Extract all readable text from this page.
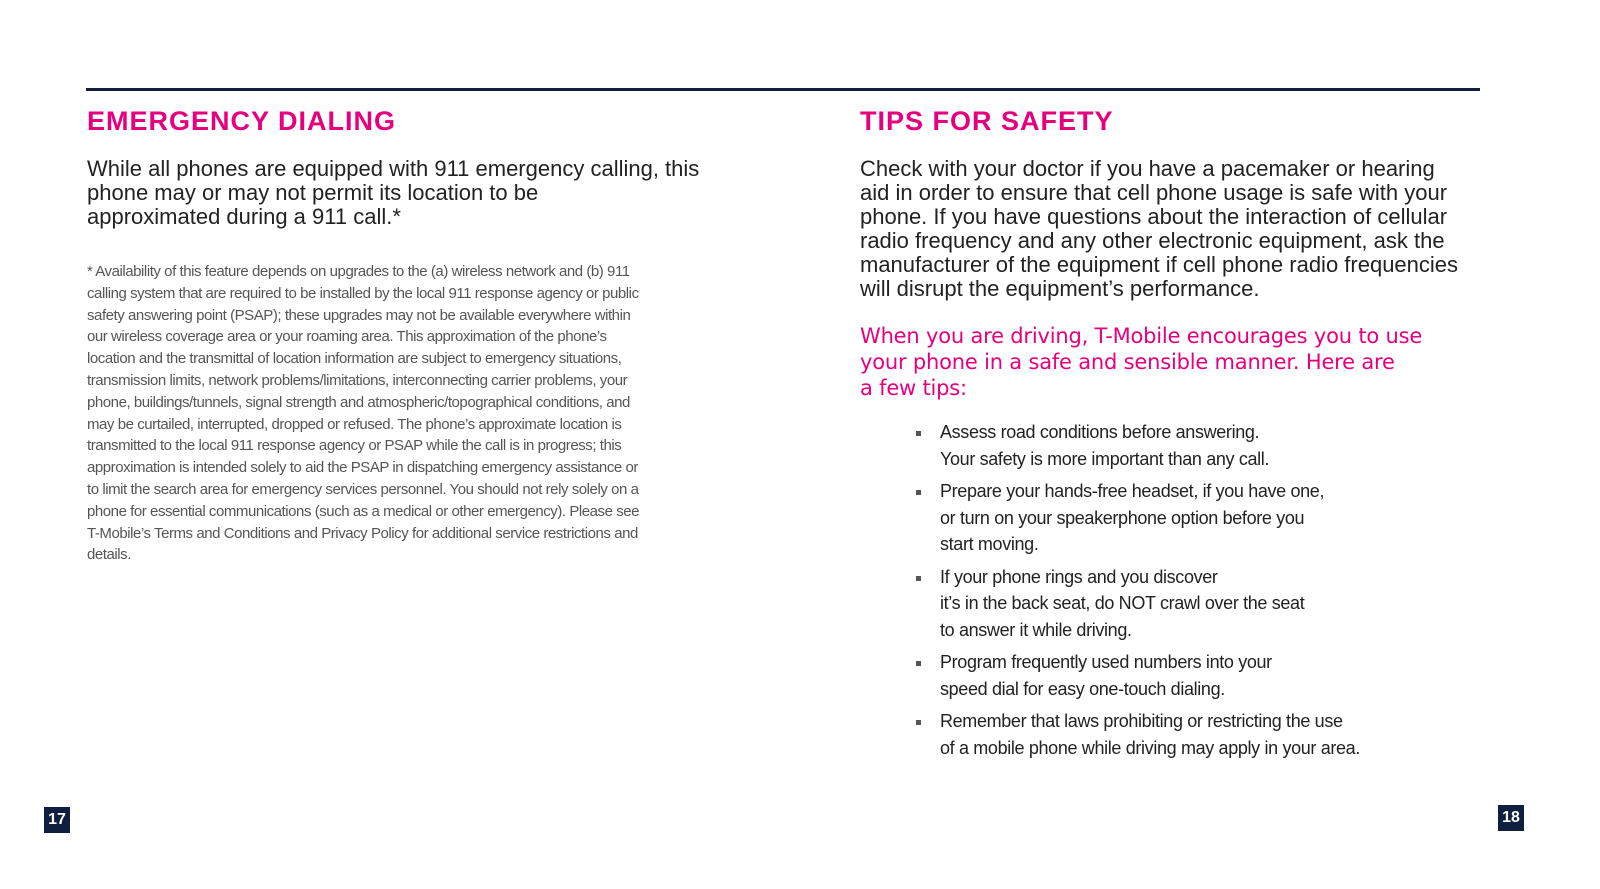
EMERGENCY DIALING

While all phones are equipped with 911 emergency calling, this
phone may or may not permit its location to be
approximated during a 911 call.*

* Availability of this feature depends on upgrades to the (a) wireless network and (b) 911
calling system that are required to be installed by the local 911 response agency or public
safety answering point (PSAP); these upgrades may not be available everywhere within
our wireless coverage area or your roaming area. This approximation of the phone’s
location and the transmittal of location information are subject to emergency situations,
transmission limits, network problems/limitations, interconnecting carrier problems, your
phone, buildings/tunnels, signal strength and atmospheric/topographical conditions, and
may be curtailed, interrupted, dropped or refused. The phone’s approximate location is
transmitted to the local 911 response agency or PSAP while the call is in progress; this
approximation is intended solely to aid the PSAP in dispatching emergency assistance or
to limit the search area for emergency services personnel. You should not rely solely on a
phone for essential communications (such as a medical or other emergency). Please see
T-Mobile’s Terms and Conditions and Privacy Policy for additional service restrictions and
details.

17
TIPS FOR SAFETY

Check with your doctor if you have a pacemaker or hearing
aid in order to ensure that cell phone usage is safe with your
phone. If you have questions about the interaction of cellular
radio frequency and any other electronic equipment, ask the
manufacturer of the equipment if cell phone radio frequencies
will disrupt the equipment’s performance.

When you are driving, T-Mobile encourages you to use
your phone in a safe and sensible manner. Here are
a few tips:

Assess road conditions before answering.
Your safety is more important than any call.
Prepare your hands-free headset, if you have one,
or turn on your speakerphone option before you
start moving.
If your phone rings and you discover
it’s in the back seat, do NOT crawl over the seat
to answer it while driving.
Program frequently used numbers into your
speed dial for easy one-touch dialing.
Remember that laws prohibiting or restricting the use
of a mobile phone while driving may apply in your area.
18
